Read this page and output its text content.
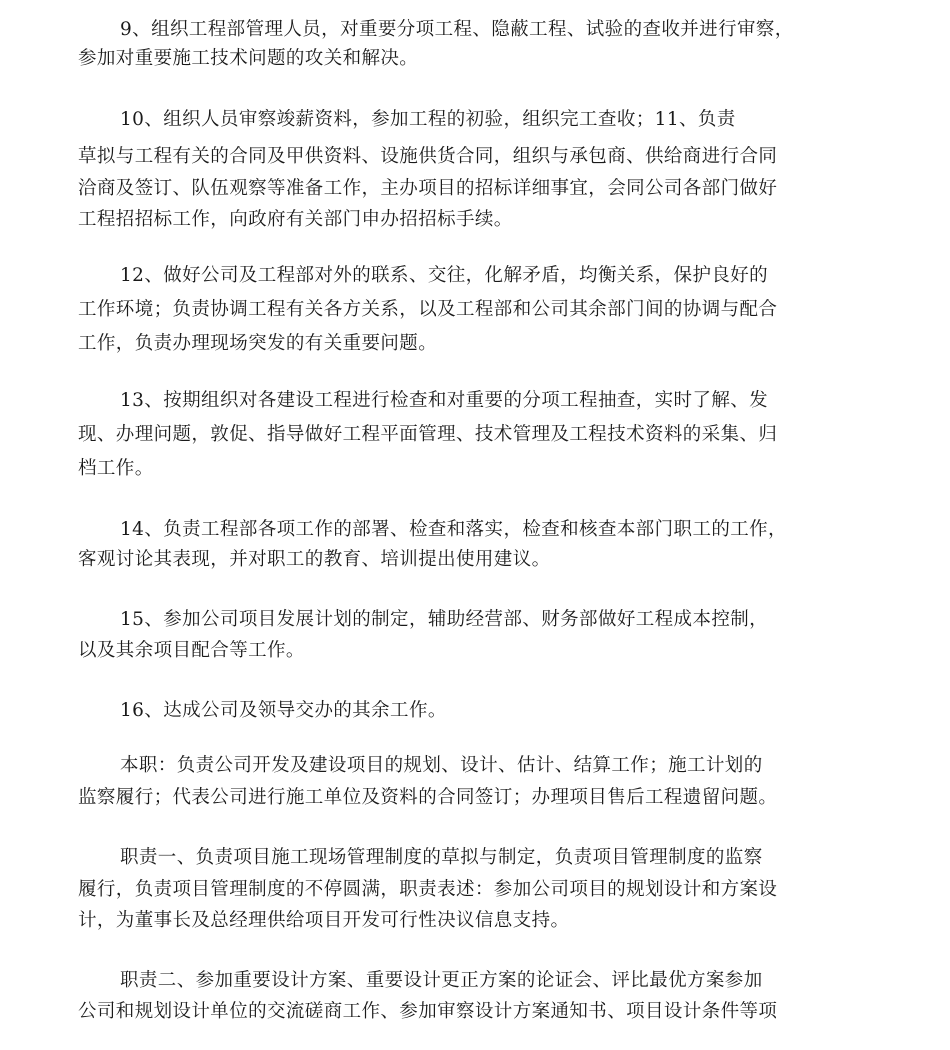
9、组织工程部管理人员，对重要分项工程、隐蔽工程、试验的查收并进行审察，
参加对重要施工技术问题的攻关和解决。
10、组织人员审察竣薪资料，参加工程的初验，组织完工查收；11、负责
草拟与工程有关的合同及甲供资料、设施供货合同，组织与承包商、供给商进行合同
洽商及签订、队伍观察等准备工作，主办项目的招标详细事宜，会同公司各部门做好
工程招招标工作，向政府有关部门申办招招标手续。
12、做好公司及工程部对外的联系、交往，化解矛盾，均衡关系，保护良好的
工作环境；负责协调工程有关各方关系，以及工程部和公司其余部门间的协调与配合
工作，负责办理现场突发的有关重要问题。
13、按期组织对各建设工程进行检查和对重要的分项工程抽查，实时了解、发
现、办理问题，敦促、指导做好工程平面管理、技术管理及工程技术资料的采集、归
档工作。
14、负责工程部各项工作的部署、检查和落实，检查和核查本部门职工的工作，
客观讨论其表现，并对职工的教育、培训提出使用建议。
15、参加公司项目发展计划的制定，辅助经营部、财务部做好工程成本控制，
以及其余项目配合等工作。
16、达成公司及领导交办的其余工作。
本职：负责公司开发及建设项目的规划、设计、估计、结算工作；施工计划的
监察履行；代表公司进行施工单位及资料的合同签订；办理项目售后工程遗留问题。
职责一、负责项目施工现场管理制度的草拟与制定，负责项目管理制度的监察
履行，负责项目管理制度的不停圆满，职责表述：参加公司项目的规划设计和方案设
计，为董事长及总经理供给项目开发可行性决议信息支持。
职责二、参加重要设计方案、重要设计更正方案的论证会、评比最优方案参加
公司和规划设计单位的交流磋商工作、参加审察设计方案通知书、项目设计条件等项
